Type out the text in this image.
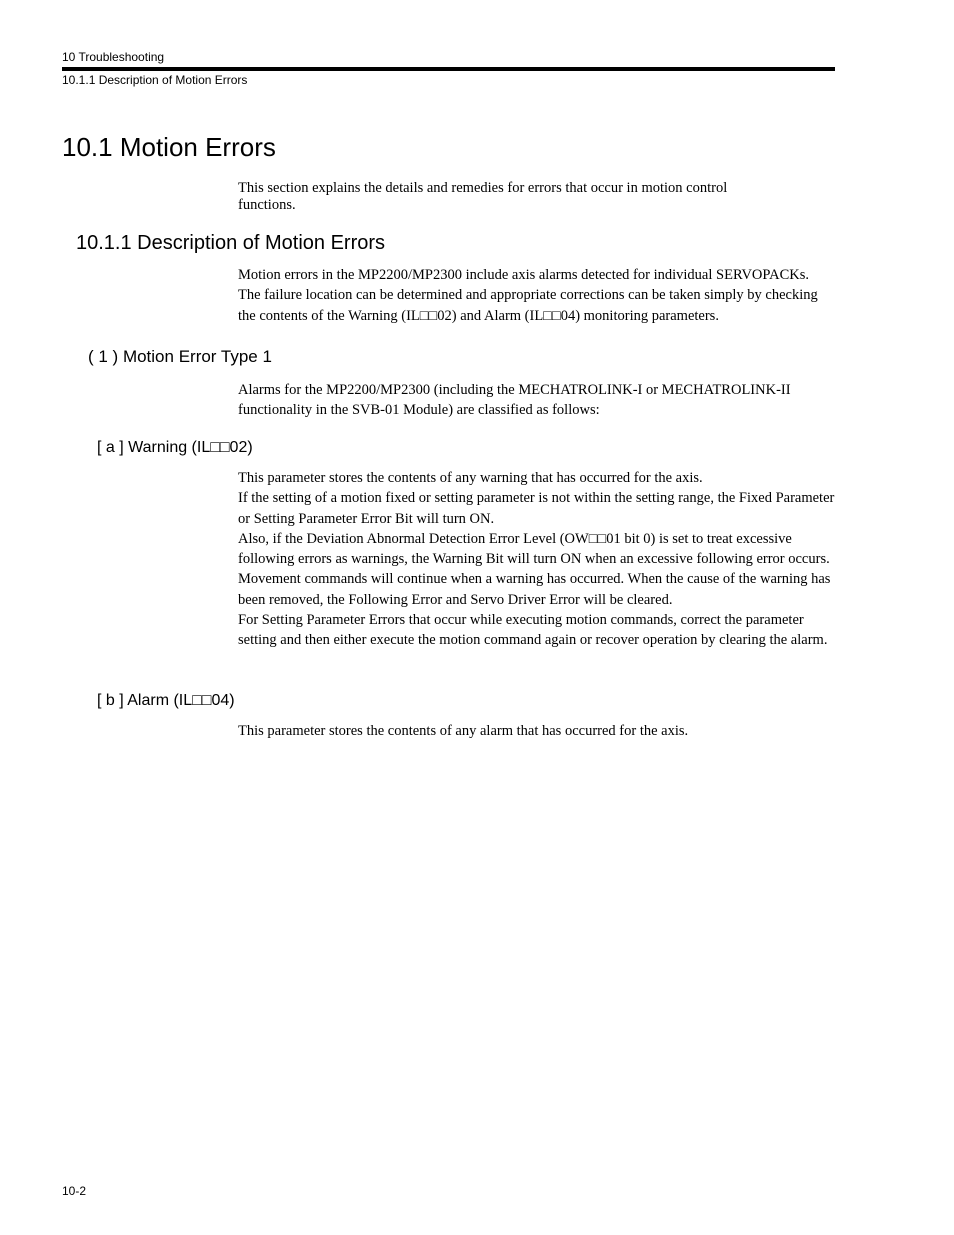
10 Troubleshooting
10.1.1 Description of Motion Errors
10.1 Motion Errors

This section explains the details and remedies for errors that occur in motion control functions.

10.1.1 Description of Motion Errors
Motion errors in the MP2200/MP2300 include axis alarms detected for individual SERVOPACKs.
The failure location can be determined and appropriate corrections can be taken simply by checking the contents of the Warning (IL□□02) and Alarm (IL□□04) monitoring parameters.
( 1 ) Motion Error Type 1

Alarms for the MP2200/MP2300 (including the MECHATROLINK-I or MECHATROLINK-II functionality in the SVB-01 Module) are classified as follows:

[ a ] Warning (IL□□02)
This parameter stores the contents of any warning that has occurred for the axis.
If the setting of a motion fixed or setting parameter is not within the setting range, the Fixed Parameter or Setting Parameter Error Bit will turn ON.
Also, if the Deviation Abnormal Detection Error Level (OW□□01 bit 0) is set to treat excessive following errors as warnings, the Warning Bit will turn ON when an excessive following error occurs.
Movement commands will continue when a warning has occurred. When the cause of the warning has been removed, the Following Error and Servo Driver Error will be cleared.
For Setting Parameter Errors that occur while executing motion commands, correct the parameter setting and then either execute the motion command again or recover operation by clearing the alarm.
[ b ] Alarm (IL□□04)

This parameter stores the contents of any alarm that has occurred for the axis.

10-2
